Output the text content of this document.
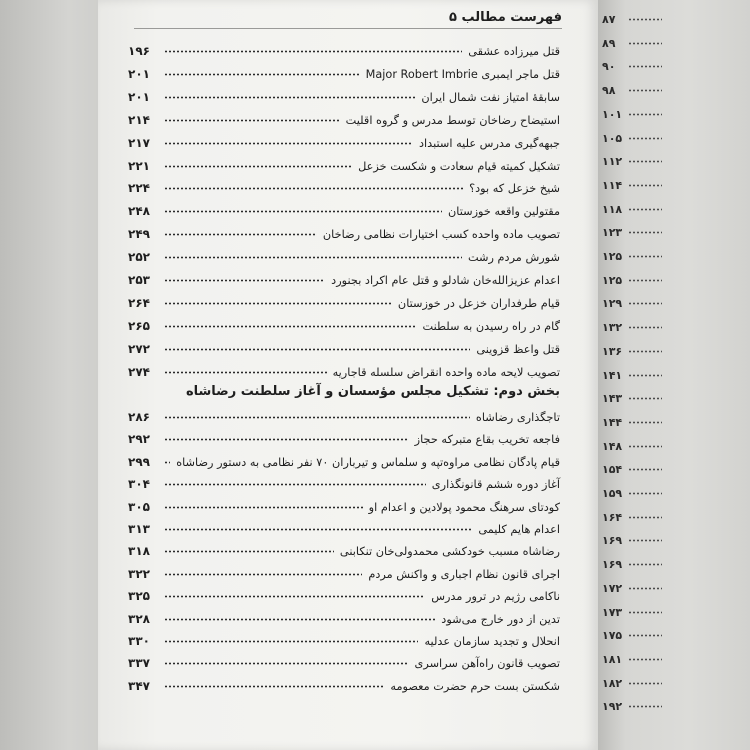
فهرست مطالب ۵
قتل میرزاده عشقی
۱۹۶
قتل ماجر ایمبری Major Robert Imbrie
۲۰۱
سابقهٔ امتیاز نفت شمال ایران
۲۰۱
استیضاح رضاخان توسط مدرس و گروه اقلیت
۲۱۴
جبهه‌گیری مدرس علیه استبداد
۲۱۷
تشکیل کمیته قیام سعادت و شکست خزعل
۲۲۱
شیخ خزعل که بود؟
۲۲۴
مقتولین واقعه خوزستان
۲۴۸
تصویب ماده واحده کسب اختیارات نظامی رضاخان
۲۴۹
شورش مردم رشت
۲۵۲
اعدام عزیزالله‌خان شادلو و قتل عام اکراد بجنورد
۲۵۳
قیام طرفداران خزعل در خوزستان
۲۶۴
گام در راه رسیدن به سلطنت
۲۶۵
قتل واعظ قزوینی
۲۷۲
تصویب لایحه ماده واحده انقراض سلسله قاجاریه
۲۷۴
بخش دوم: تشکیل مجلس مؤسسان و آغاز سلطنت رضاشاه
تاجگذاری رضاشاه
۲۸۶
فاجعه تخریب بقاع متبرکه حجاز
۲۹۲
قیام پادگان نظامی مراوه‌تپه و سلماس و تیرباران ۷۰ نفر نظامی به دستور رضاشاه
۲۹۹
آغاز دوره ششم قانونگذاری
۳۰۴
کودتای سرهنگ محمود پولادین و اعدام او
۳۰۵
اعدام هایم کلیمی
۳۱۳
رضاشاه مسبب خودکشی محمدولی‌خان تنکابنی
۳۱۸
اجرای قانون نظام اجباری و واکنش مردم
۳۲۲
ناکامی رژیم در ترور مدرس
۳۲۵
تدین از دور خارج می‌شود
۳۲۸
انحلال و تجدید سازمان عدلیه
۳۳۰
تصویب قانون راه‌آهن سراسری
۳۳۷
شکستن بست حرم حضرت معصومه
۳۴۷
۸۷
۸۹
۹۰
۹۸
۱۰۱
۱۰۵
۱۱۲
۱۱۴
۱۱۸
۱۲۳
۱۲۵
۱۲۵
۱۲۹
۱۳۲
۱۳۶
۱۴۱
۱۴۳
۱۴۴
۱۴۸
۱۵۴
۱۵۹
۱۶۴
۱۶۹
۱۶۹
۱۷۲
۱۷۳
۱۷۵
۱۸۱
۱۸۲
۱۹۲
